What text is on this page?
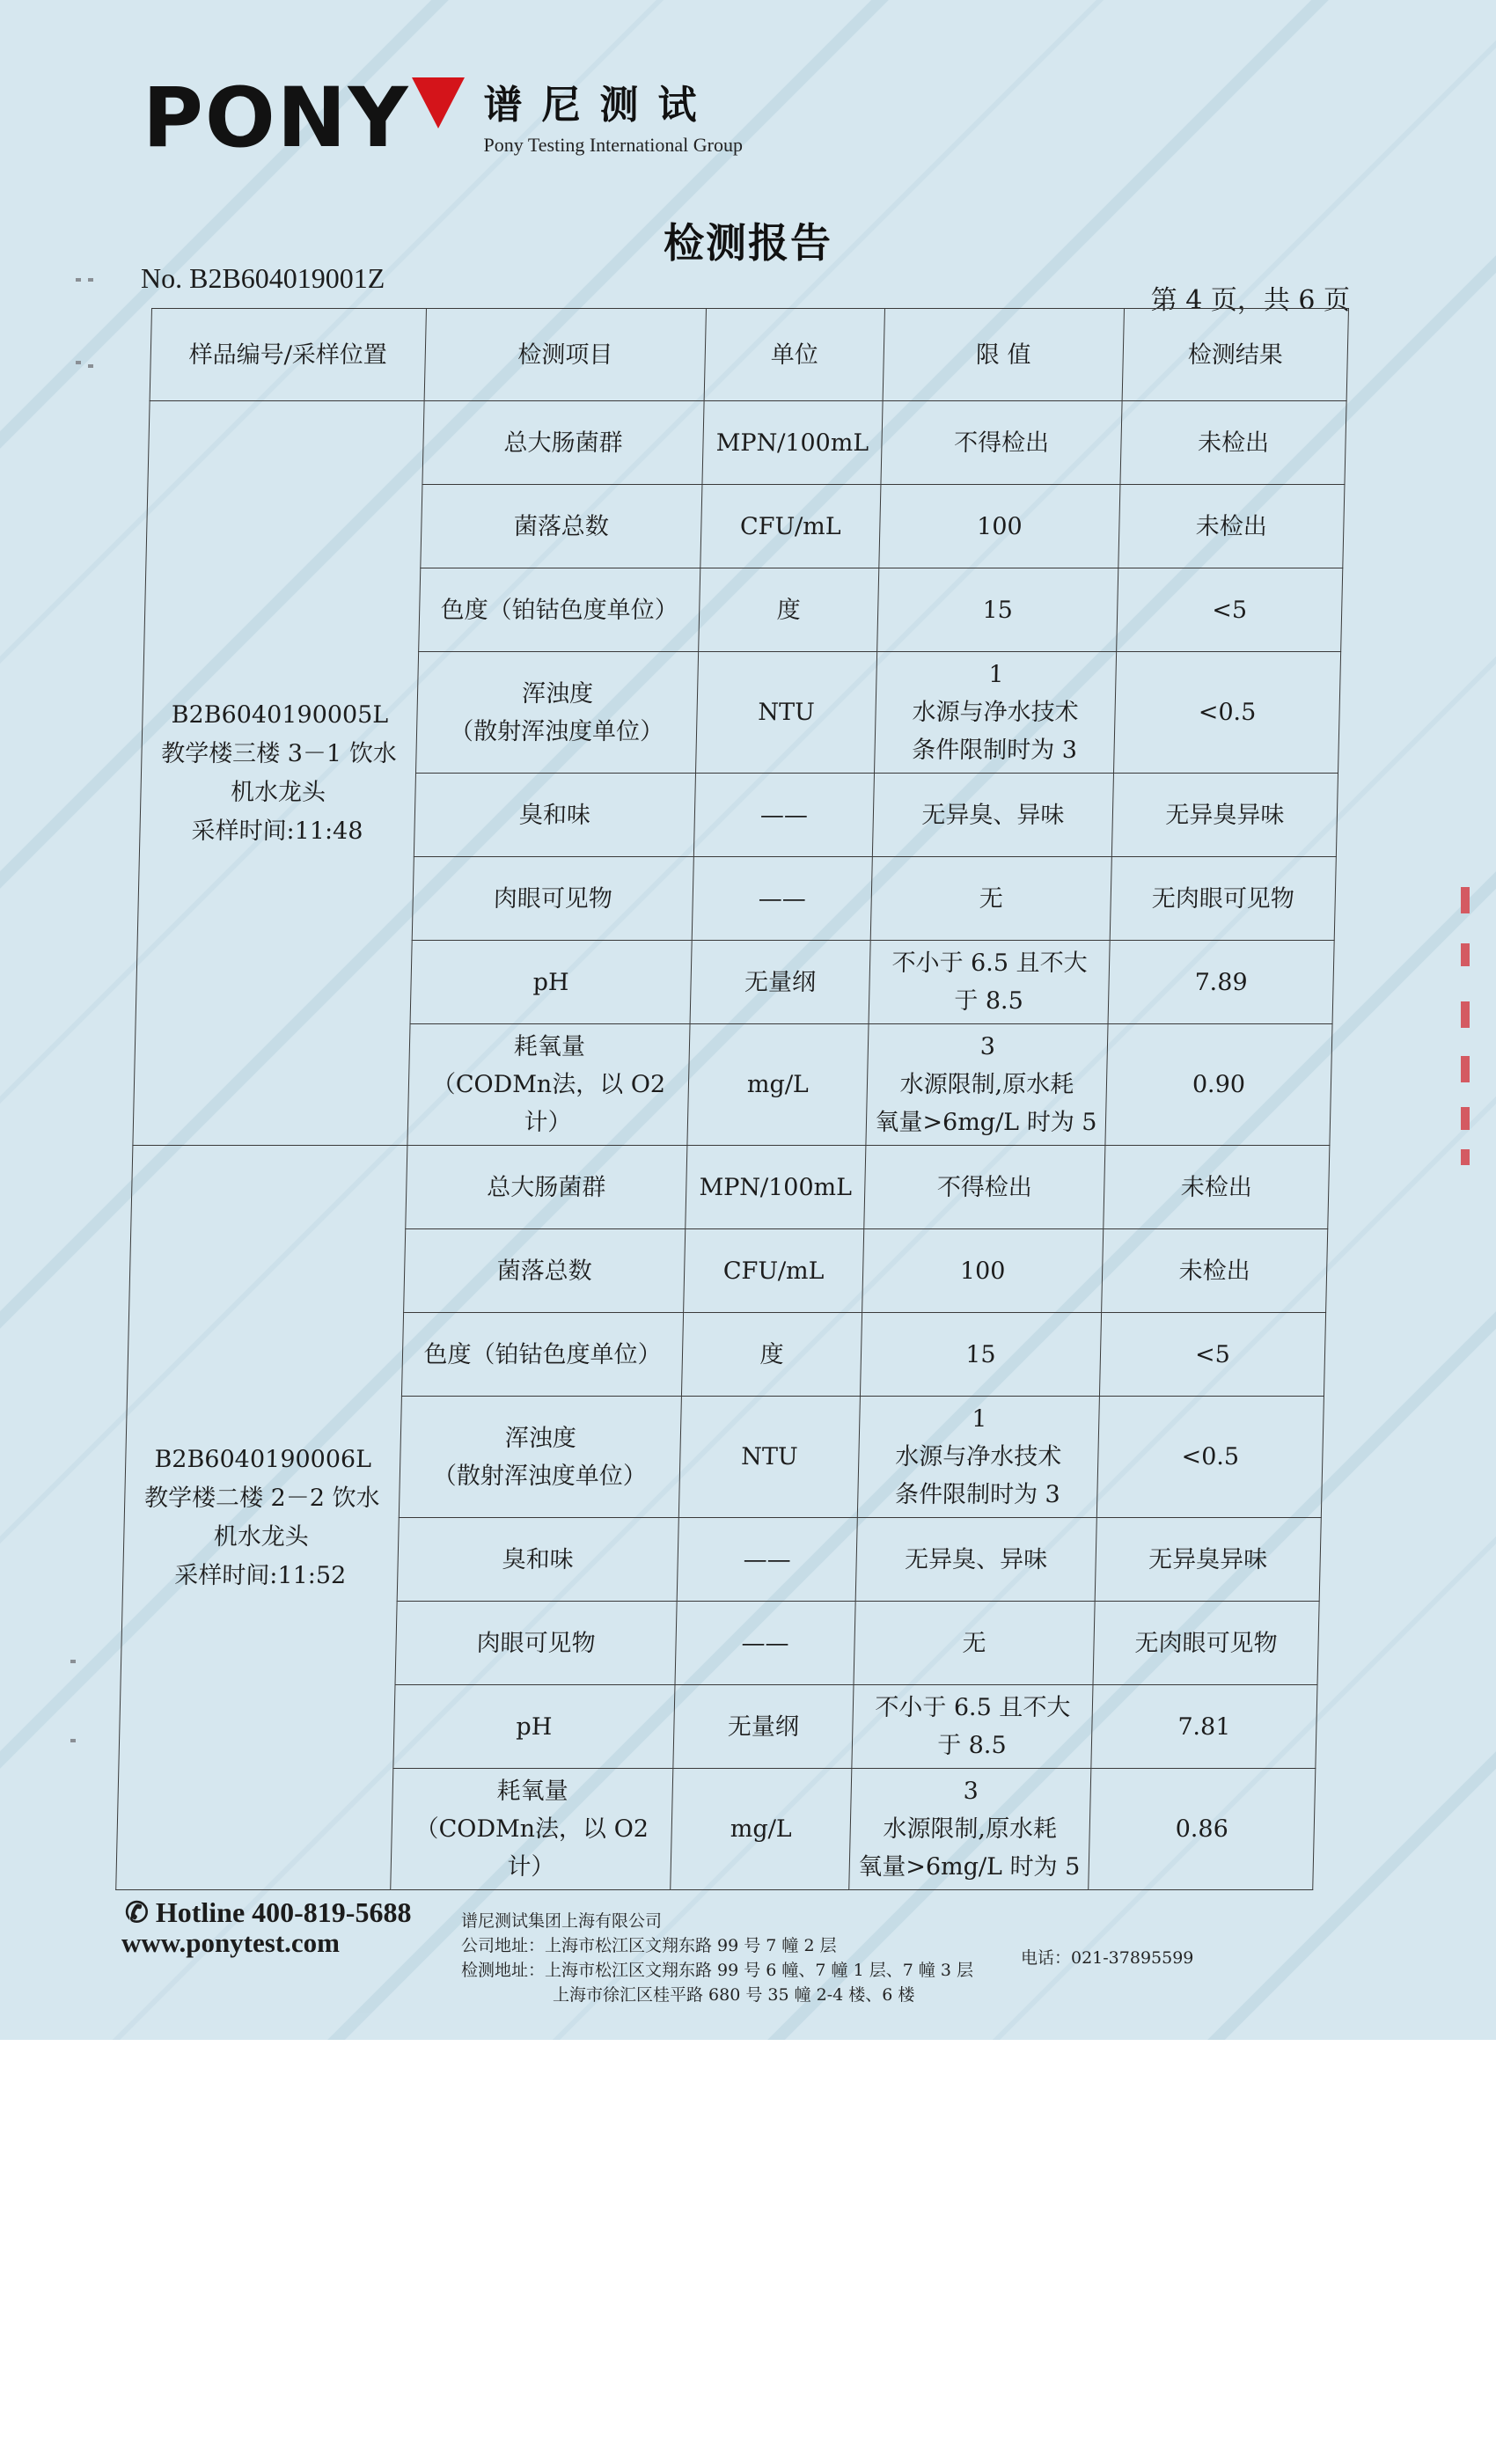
PONY	谱尼测试
Pony Testing International Group
检测报告
No. B2B604019001Z
第 4 页，共 6 页
样品编号/采样位置	检测项目	单位	限 值	检测结果

B2B6040190005L
教学楼三楼 3－1 饮水
机水龙头
采样时间:11:48	总大肠菌群	MPN/100mL	不得检出	未检出

	菌落总数	CFU/mL	100	未检出

	色度（铂钴色度单位）	度	15	<5

	浑浊度
（散射浑浊度单位）	NTU	1
水源与净水技术
条件限制时为 3	<0.5

	臭和味	——	无异臭、异味	无异臭异味

	肉眼可见物	——	无	无肉眼可见物

	pH	无量纲	不小于 6.5 且不大
于 8.5	7.89

	耗氧量
（CODMn法，以 O2 计）	mg/L	3
水源限制,原水耗
氧量>6mg/L 时为 5	0.90

B2B6040190006L
教学楼二楼 2－2 饮水
机水龙头
采样时间:11:52	总大肠菌群	MPN/100mL	不得检出	未检出

	菌落总数	CFU/mL	100	未检出

	色度（铂钴色度单位）	度	15	<5

	浑浊度
（散射浑浊度单位）	NTU	1
水源与净水技术
条件限制时为 3	<0.5

	臭和味	——	无异臭、异味	无异臭异味

	肉眼可见物	——	无	无肉眼可见物

	pH	无量纲	不小于 6.5 且不大
于 8.5	7.81

	耗氧量
（CODMn法，以 O2 计）	mg/L	3
水源限制,原水耗
氧量>6mg/L 时为 5	0.86
✆ Hotline 400-819-5688
www.ponytest.com
谱尼测试集团上海有限公司
公司地址：上海市松江区文翔东路 99 号 7 幢 2 层
检测地址：上海市松江区文翔东路 99 号 6 幢、7 幢 1 层、7 幢 3 层
上海市徐汇区桂平路 680 号 35 幢 2-4 楼、6 楼
电话：021-37895599
